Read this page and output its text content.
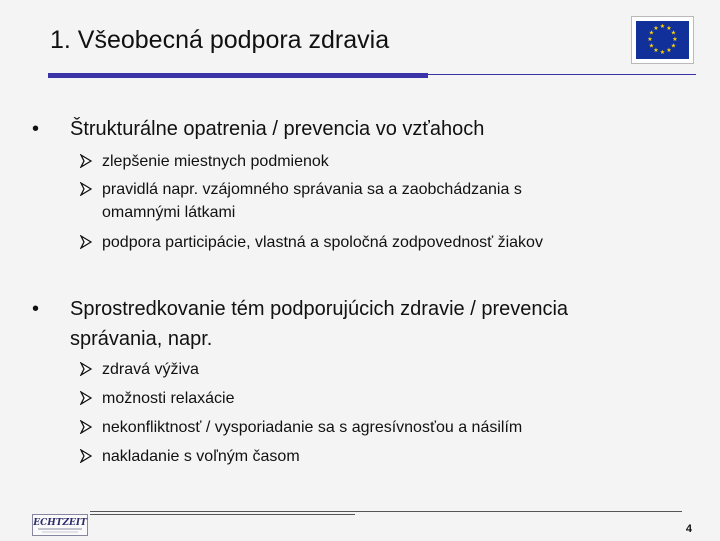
1. Všeobecná podpora zdravia	★ ★
★
★
★
★
★
★
★
★
★
★
• Štrukturálne opatrenia / prevencia vo vzťahoch
zlepšenie miestnych podmienok
pravidlá napr. vzájomného správania sa a zaobchádzania s
omamnými látkami
podpora participácie, vlastná a spoločná zodpovednosť žiakov
• Sprostredkovanie tém podporujúcich zdravie / prevencia
správania, napr.
zdravá výživa
možnosti relaxácie
nekonfliktnosť / vysporiadanie sa s agresívnosťou a násilím
nakladanie s voľným časom
ECHTZEIT	4
